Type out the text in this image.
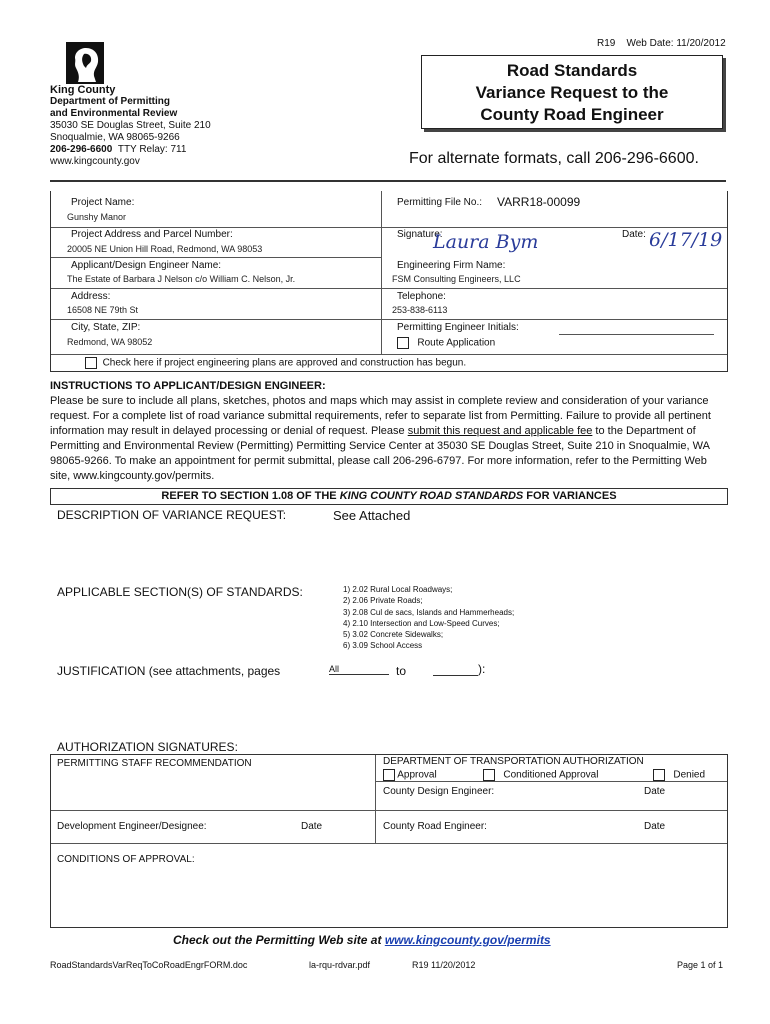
R19 Web Date: 11/20/2012
King County
Department of Permitting
and Environmental Review
35030 SE Douglas Street, Suite 210
Snoqualmie, WA 98065-9266
206-296-6600 TTY Relay: 711
www.kingcounty.gov
Road Standards
Variance Request to the
County Road Engineer
For alternate formats, call 206-296-6600.
Project Name:
Gunshy Manor
Permitting File No.: VARR18-00099
Project Address and Parcel Number:
20005 NE Union Hill Road, Redmond, WA 98053
Signature:
Laura Bym	Date: 6/17/19
Applicant/Design Engineer Name:
The Estate of Barbara J Nelson c/o William C. Nelson, Jr.
Engineering Firm Name:
FSM Consulting Engineers, LLC
Address:
16508 NE 79th St
Telephone:
253-838-6113
City, State, ZIP:
Redmond, WA 98052
Permitting Engineer Initials:
Route Application
Check here if project engineering plans are approved and construction has begun.
INSTRUCTIONS TO APPLICANT/DESIGN ENGINEER:
Please be sure to include all plans, sketches, photos and maps which may assist in complete review and consideration of your variance request. For a complete list of road variance submittal requirements, refer to separate list from Permitting. Failure to provide all pertinent information may result in delayed processing or denial of request. Please submit this request and applicable fee to the Department of Permitting and Environmental Review (Permitting) Permitting Service Center at 35030 SE Douglas Street, Suite 210 in Snoqualmie, WA 98065-9266. To make an appointment for permit submittal, please call 206-296-6797. For more information, refer to the Permitting Web site, www.kingcounty.gov/permits.
REFER TO SECTION 1.08 OF THE KING COUNTY ROAD STANDARDS FOR VARIANCES
DESCRIPTION OF VARIANCE REQUEST:	See Attached
APPLICABLE SECTION(S) OF STANDARDS:	1) 2.02 Rural Local Roadways;
2) 2.06 Private Roads;
3) 2.08 Cul de sacs, Islands and Hammerheads;
4) 2.10 Intersection and Low-Speed Curves;
5) 3.02 Concrete Sidewalks;
6) 3.09 School Access
JUSTIFICATION (see attachments, pages	All	to	):
AUTHORIZATION SIGNATURES:
PERMITTING STAFF RECOMMENDATION	DEPARTMENT OF TRANSPORTATION AUTHORIZATION
Approval	Conditioned Approval	Denied
County Design Engineer:	Date
Development Engineer/Designee:	Date	County Road Engineer:	Date
CONDITIONS OF APPROVAL:
Check out the Permitting Web site at www.kingcounty.gov/permits
RoadStandardsVarReqToCoRoadEngrFORM.doc	la-rqu-rdvar.pdf	R19 11/20/2012	Page 1 of 1
